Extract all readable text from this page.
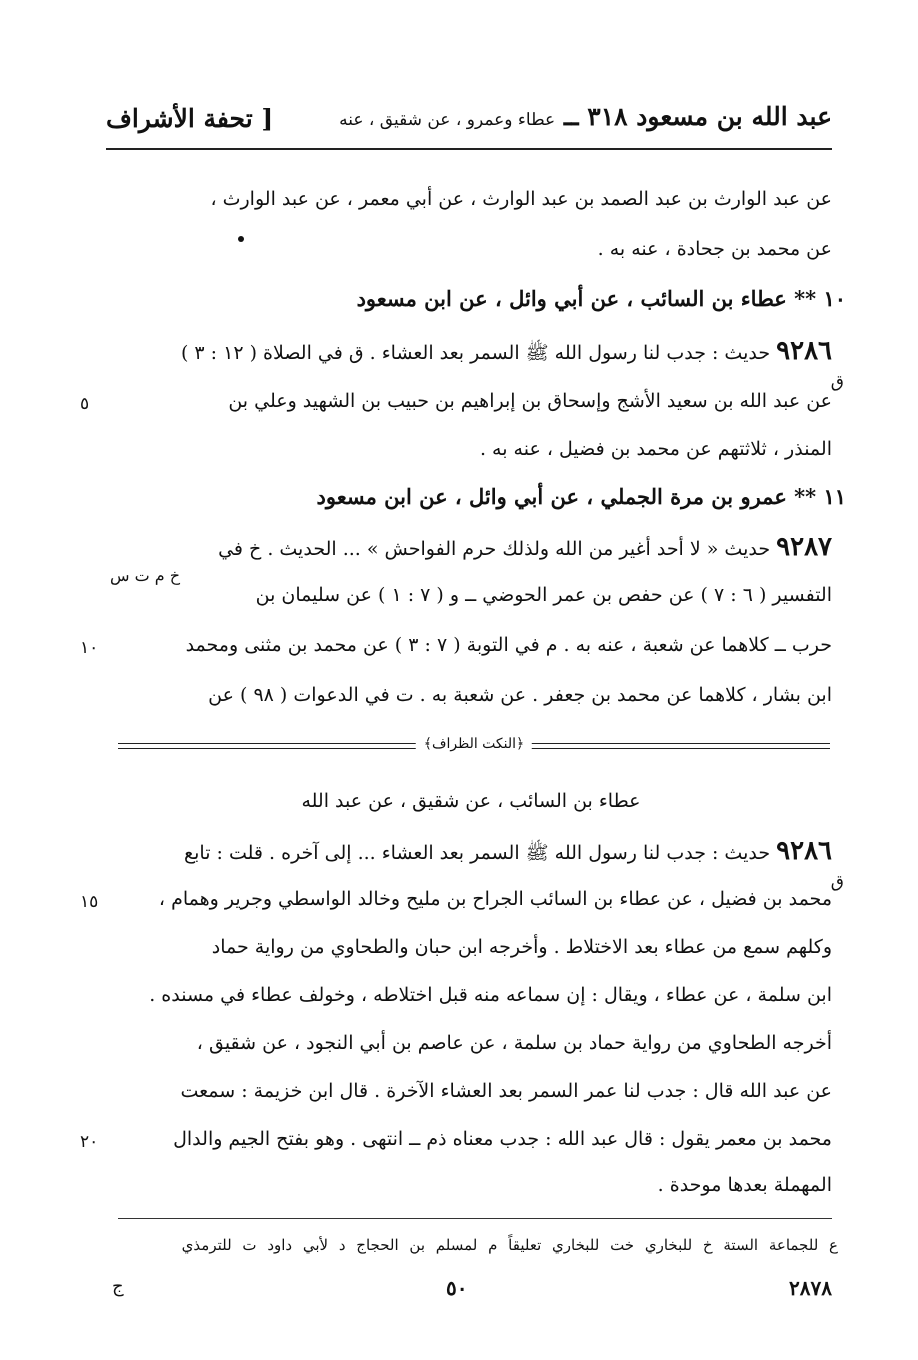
عبد الله بن مسعود ٣١٨ ــ عطاء وعمرو ، عن شقيق ، عنه
[ تحفة الأشراف
عن عبد الوارث بن عبد الصمد بن عبد الوارث ، عن أبي معمر ، عن عبد الوارث ،
عن محمد بن جحادة ، عنه به .
١٠ ** عطاء بن السائب ، عن أبي وائل ، عن ابن مسعود
٩٢٨٦ حديث : جدب لنا رسول الله ﷺ السمر بعد العشاء . ق في الصلاة ( ١٢ : ٣ )
ق
عن عبد الله بن سعيد الأشج وإسحاق بن إبراهيم بن حبيب بن الشهيد وعلي بن
٥
المنذر ، ثلاثتهم عن محمد بن فضيل ، عنه به .
١١ ** عمرو بن مرة الجملي ، عن أبي وائل ، عن ابن مسعود
٩٢٨٧ حديث « لا أحد أغير من الله ولذلك حرم الفواحش » ... الحديث . خ في
خ م ت س
التفسير ( ٦ : ٧ ) عن حفص بن عمر الحوضي ــ و ( ٧ : ١ ) عن سليمان بن
حرب ــ كلاهما عن شعبة ، عنه به . م في التوبة ( ٧ : ٣ ) عن محمد بن مثنى ومحمد
١٠
ابن بشار ، كلاهما عن محمد بن جعفر . عن شعبة به . ت في الدعوات ( ٩٨ ) عن
﴿النكت الظراف﴾
عطاء بن السائب ، عن شقيق ، عن عبد الله
٩٢٨٦ حديث : جدب لنا رسول الله ﷺ السمر بعد العشاء ... إلى آخره . قلت : تابع
ق
محمد بن فضيل ، عن عطاء بن السائب الجراح بن مليح وخالد الواسطي وجرير وهمام ،
١٥
وكلهم سمع من عطاء بعد الاختلاط . وأخرجه ابن حبان والطحاوي من رواية حماد
ابن سلمة ، عن عطاء ، ويقال : إن سماعه منه قبل اختلاطه ، وخولف عطاء في مسنده .
أخرجه الطحاوي من رواية حماد بن سلمة ، عن عاصم بن أبي النجود ، عن شقيق ،
عن عبد الله قال : جدب لنا عمر السمر بعد العشاء الآخرة . قال ابن خزيمة : سمعت
محمد بن معمر يقول : قال عبد الله : جدب معناه ذم ــ انتهى . وهو بفتح الجيم والدال
٢٠
المهملة بعدها موحدة .
ع للجماعة الستة خ للبخاري خت للبخاري تعليقاً م لمسلم بن الحجاج د لأبي داود ت للترمذي
٢٨٧٨
٥٠
ج
